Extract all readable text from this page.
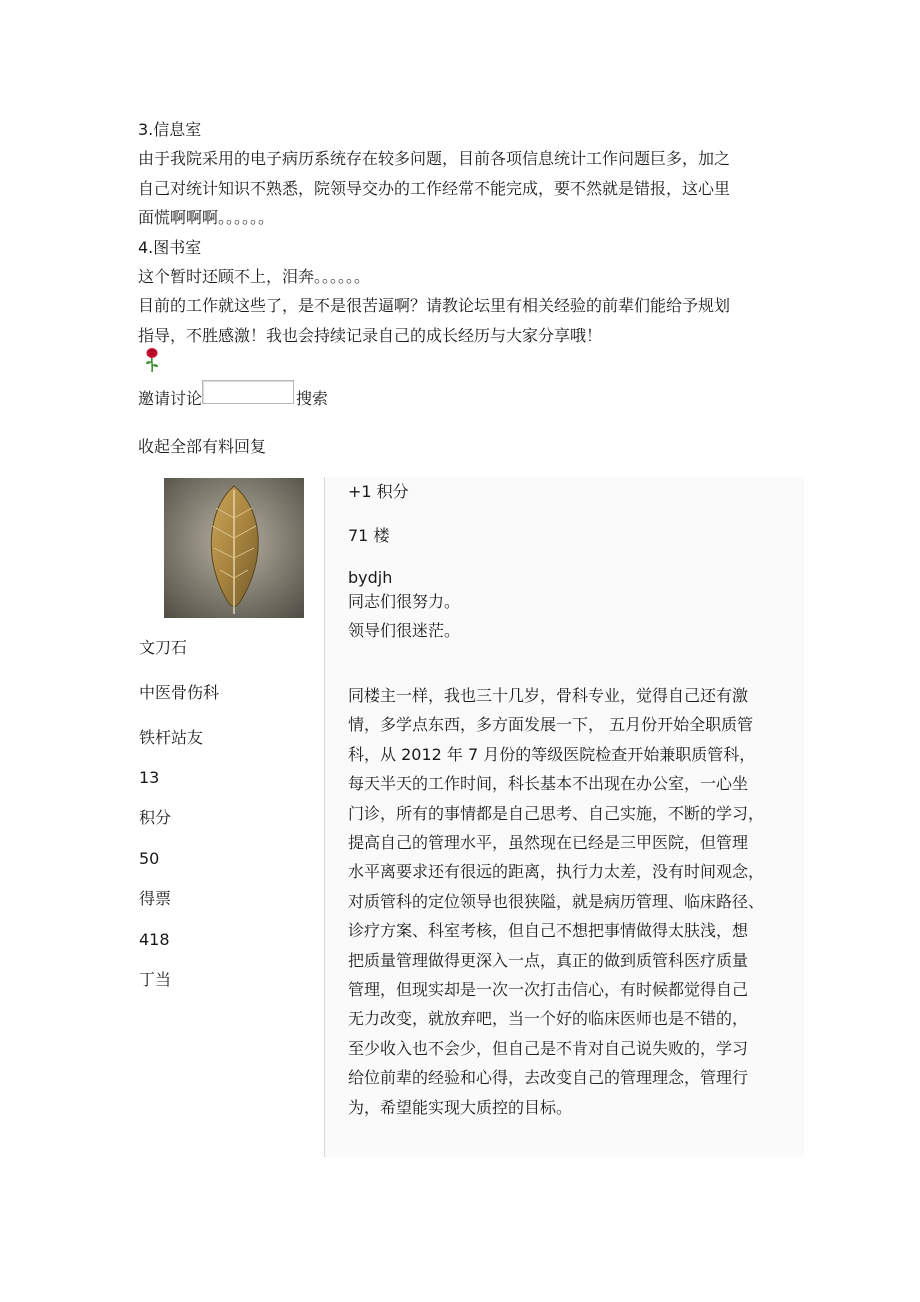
3.信息室
由于我院采用的电子病历系统存在较多问题，目前各项信息统计工作问题巨多，加之
自己对统计知识不熟悉，院领导交办的工作经常不能完成，要不然就是错报，这心里
面慌啊啊啊。。。。。。
4.图书室
这个暂时还顾不上，泪奔。。。。。。
目前的工作就这些了，是不是很苦逼啊？请教论坛里有相关经验的前辈们能给予规划
指导，不胜感激！我也会持续记录自己的成长经历与大家分享哦！
邀请讨论	搜索
收起全部有料回复
文刀石
中医骨伤科
铁杆站友
13
积分
50
得票
418
丁当
+1 积分
71 楼
bydjh
同志们很努力。
领导们很迷茫。
同楼主一样，我也三十几岁，骨科专业，觉得自己还有激
情，多学点东西，多方面发展一下， 五月份开始全职质管
科，从 2012 年 7 月份的等级医院检查开始兼职质管科，
每天半天的工作时间，科长基本不出现在办公室，一心坐
门诊，所有的事情都是自己思考、自己实施，不断的学习，
提高自己的管理水平，虽然现在已经是三甲医院，但管理
水平离要求还有很远的距离，执行力太差，没有时间观念，
对质管科的定位领导也很狭隘，就是病历管理、临床路径、
诊疗方案、科室考核，但自己不想把事情做得太肤浅，想
把质量管理做得更深入一点，真正的做到质管科医疗质量
管理，但现实却是一次一次打击信心，有时候都觉得自己
无力改变，就放弃吧，当一个好的临床医师也是不错的，
至少收入也不会少，但自己是不肯对自己说失败的，学习
给位前辈的经验和心得，去改变自己的管理理念，管理行
为，希望能实现大质控的目标。
